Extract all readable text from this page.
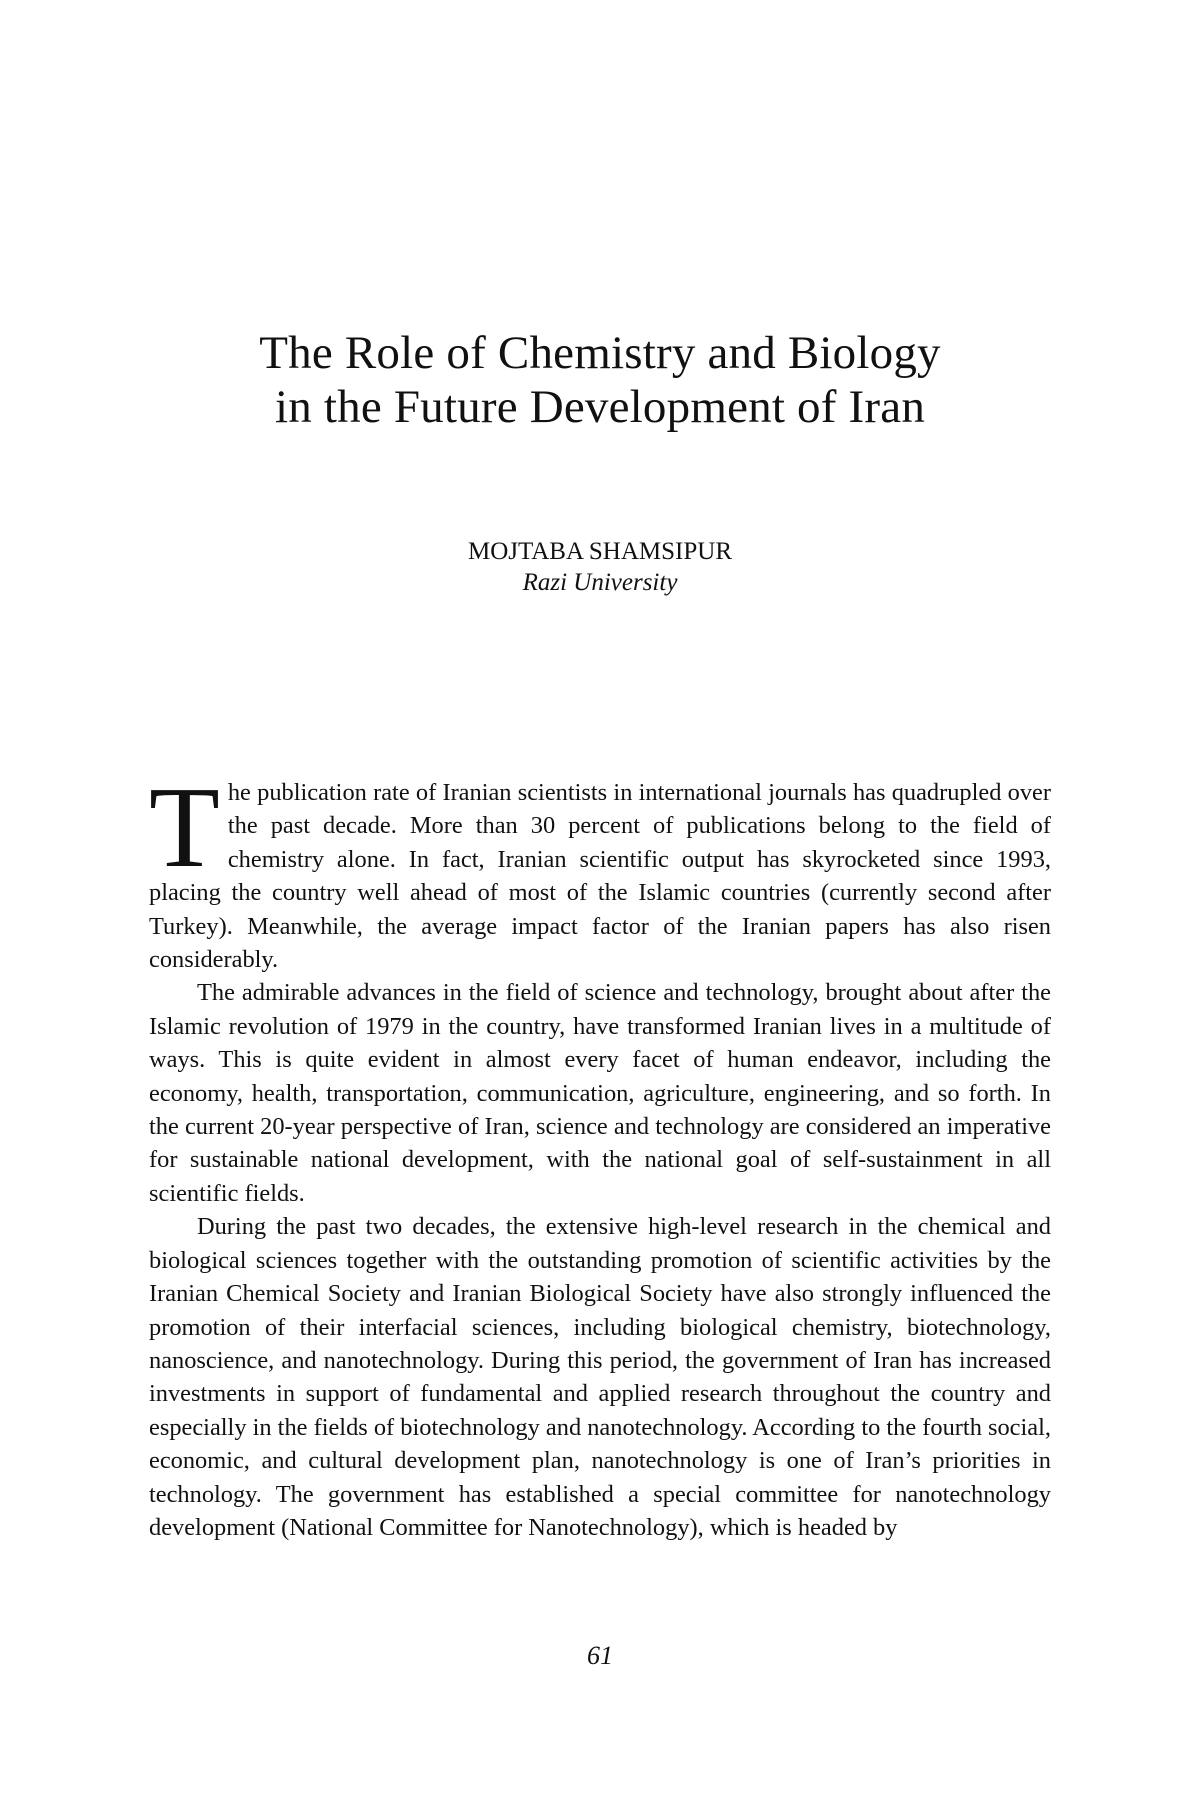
The Role of Chemistry and Biology
in the Future Development of Iran
MOJTABA SHAMSIPUR
Razi University

The publication rate of Iranian scientists in international journals has quadrupled over the past decade. More than 30 percent of publications belong to the field of chemistry alone. In fact, Iranian scientific output has skyrocketed since 1993, placing the country well ahead of most of the Islamic countries (currently second after Turkey). Meanwhile, the average impact factor of the Iranian papers has also risen considerably.

The admirable advances in the field of science and technology, brought about after the Islamic revolution of 1979 in the country, have transformed Iranian lives in a multitude of ways. This is quite evident in almost every facet of human endeavor, including the economy, health, transportation, communication, agriculture, engineering, and so forth. In the current 20-year perspective of Iran, science and technology are considered an imperative for sustainable national development, with the national goal of self-sustainment in all scientific fields.

During the past two decades, the extensive high-level research in the chemical and biological sciences together with the outstanding promotion of scientific activities by the Iranian Chemical Society and Iranian Biological Society have also strongly influenced the promotion of their interfacial sciences, including biological chemistry, biotechnology, nanoscience, and nanotechnology. During this period, the government of Iran has increased investments in support of fundamental and applied research throughout the country and especially in the fields of biotechnology and nanotechnology. According to the fourth social, economic, and cultural development plan, nanotechnology is one of Iran’s priorities in technology. The government has established a special committee for nanotechnology development (National Committee for Nanotechnology), which is headed by

61
